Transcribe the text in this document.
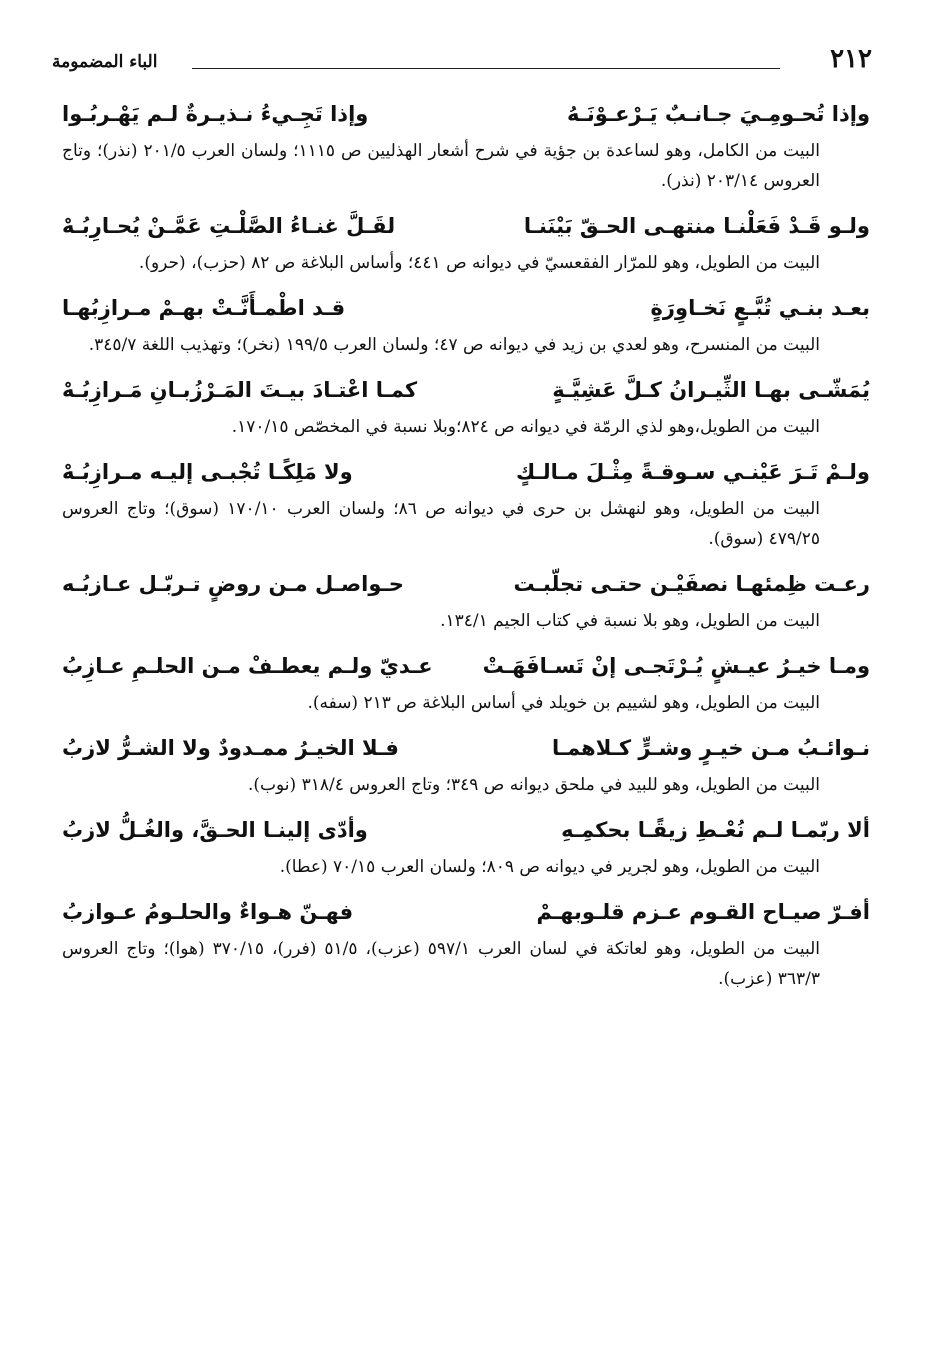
٢١٢
الباء المضمومة
وإذا تُحـومِـيَ جـانـبٌ يَـرْعـوْنَـهُ
وإذا تَجِـيءُ نـذيـرةٌ لـم يَهْـربُـوا
البيت من الكامل، وهو لساعدة بن جؤية في شرح أشعار الهذليين ص ١١١٥؛ ولسان العرب ٢٠١/٥ (نذر)؛ وتاج العروس ٢٠٣/١٤ (نذر).
ولـو قَـدْ فَعَلْنـا منتهـى الحـقّ بَيْنَنـا
لقَـلَّ غنـاءُ الصَّلْـتِ عَمَّـنْ يُحـارِبُـهْ
البيت من الطويل، وهو للمرّار الفقعسيّ في ديوانه ص ٤٤١؛ وأساس البلاغة ص ٨٢ (حزب)، (حرو).
بعـد بنـي تُبَّـعٍ نَخـاوِرَةٍ
قـد اطْمـأَنَّـتْ بهـمْ مـرازِبُهـا
البيت من المنسرح، وهو لعدي بن زيد في ديوانه ص ٤٧؛ ولسان العرب ١٩٩/٥ (نخر)؛ وتهذيب اللغة ٣٤٥/٧.
يُمَشّـى بهـا الثِّيـرانُ كـلَّ عَشِيَّـةٍ
كمـا اعْتـادَ بيـتَ المَـرْزُبـانِ مَـرازِبُـهْ
البيت من الطويل،وهو لذي الرمّة في ديوانه ص ٨٢٤؛وبلا نسبة في المخصّص ١٧٠/١٥.
ولـمْ تَـرَ عَيْنـي سـوقـةً مِثْـلَ مـالـكٍ
ولا مَلِكًـا تُجْبـى إليـه مـرازِبُـهْ
البيت من الطويل، وهو لنهشل بن حرى في ديوانه ص ٨٦؛ ولسان العرب ١٧٠/١٠ (سوق)؛ وتاج العروس ٤٧٩/٢٥ (سوق).
رعـت ظِمئهـا نصفَيْـن حتـى تجلّبـت
حـواصـل مـن روضٍ تـربّـل عـازبُـه
البيت من الطويل، وهو بلا نسبة في كتاب الجيم ١٣٤/١.
ومـا خيـرُ عيـشٍ يُـرْتَجـى إنْ تَسـافَهَـتْ
عـديّ ولـم يعطـفْ مـن الحلـمِ عـازِبُ
البيت من الطويل، وهو لشييم بن خويلد في أساس البلاغة ص ٢١٣ (سفه).
نـوائـبُ مـن خيـرٍ وشـرٍّ كـلاهمـا
فـلا الخيـرُ ممـدودٌ ولا الشـرُّ لازبُ
البيت من الطويل، وهو للبيد في ملحق ديوانه ص ٣٤٩؛ وتاج العروس ٣١٨/٤ (نوب).
ألا ربّمـا لـم نُعْـطِ زيقًـا بحكمِـهِ
وأدّى إلينـا الحـقَّ، والغُـلُّ لازبُ
البيت من الطويل، وهو لجرير في ديوانه ص ٨٠٩؛ ولسان العرب ٧٠/١٥ (عطا).
أفـرّ صيـاح القـوم عـزم قلـوبهـمْ
فهـنّ هـواءٌ والحلـومُ عـوازبُ
البيت من الطويل، وهو لعاتكة في لسان العرب ٥٩٧/١ (عزب)، ٥١/٥ (فرر)، ٣٧٠/١٥ (هوا)؛ وتاج العروس ٣٦٣/٣ (عزب).
